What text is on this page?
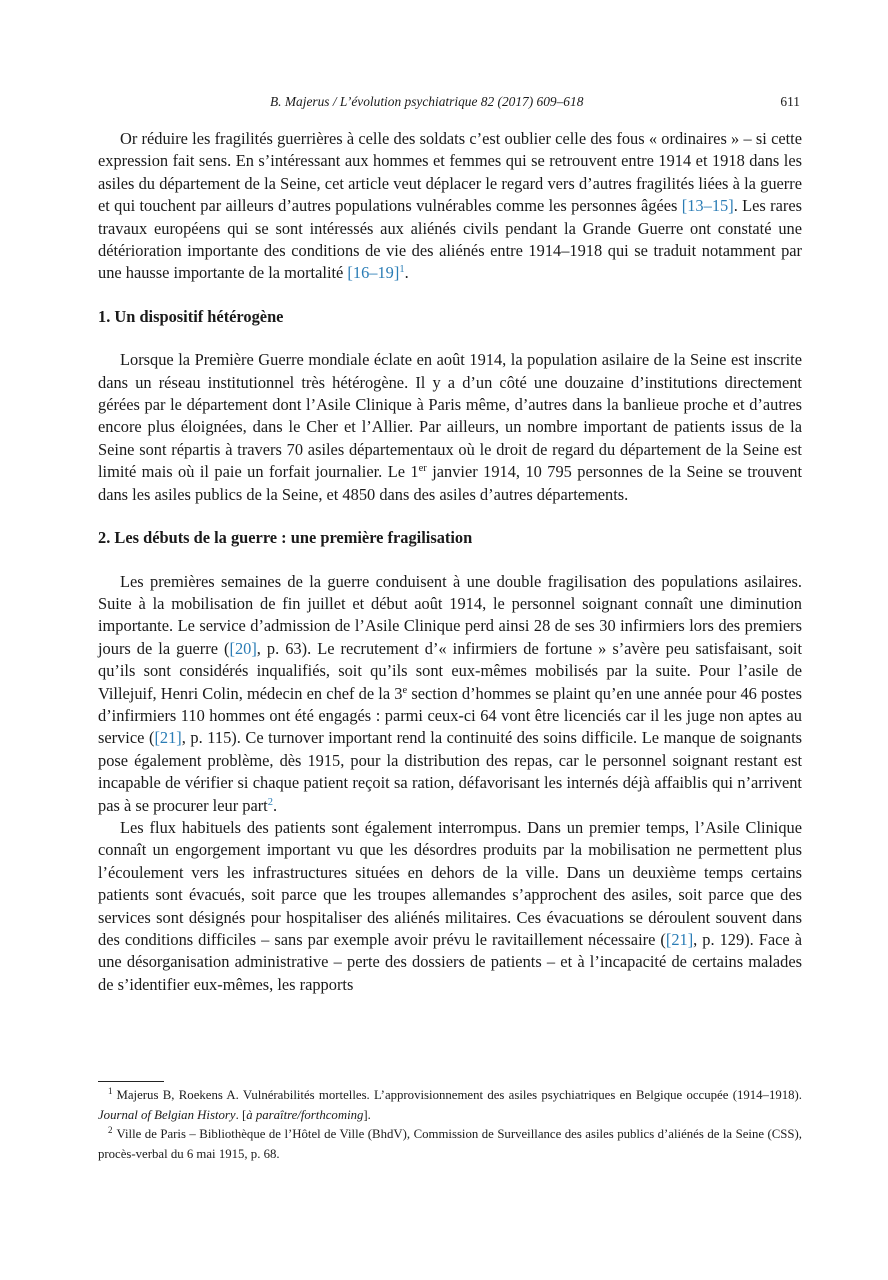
B. Majerus / L’évolution psychiatrique 82 (2017) 609–618	611

Or réduire les fragilités guerrières à celle des soldats c’est oublier celle des fous « ordinaires » – si cette expression fait sens. En s’intéressant aux hommes et femmes qui se retrouvent entre 1914 et 1918 dans les asiles du département de la Seine, cet article veut déplacer le regard vers d’autres fragilités liées à la guerre et qui touchent par ailleurs d’autres populations vulnérables comme les personnes âgées [13–15]. Les rares travaux européens qui se sont intéressés aux aliénés civils pendant la Grande Guerre ont constaté une détérioration importante des conditions de vie des aliénés entre 1914–1918 qui se traduit notamment par une hausse importante de la mortalité $[16-19]^1$.

1. Un dispositif hétérogène

Lorsque la Première Guerre mondiale éclate en août 1914, la population asilaire de la Seine est inscrite dans un réseau institutionnel très hétérogène. Il y a d’un côté une douzaine d’institutions directement gérées par le département dont l’Asile Clinique à Paris même, d’autres dans la banlieue proche et d’autres encore plus éloignées, dans le Cher et l’Allier. Par ailleurs, un nombre important de patients issus de la Seine sont répartis à travers 70 asiles départementaux où le droit de regard du département de la Seine est limité mais où il paie un forfait journalier. Le 1er janvier 1914, 10 795 personnes de la Seine se trouvent dans les asiles publics de la Seine, et 4850 dans des asiles d’autres départements.

2. Les débuts de la guerre : une première fragilisation

Les premières semaines de la guerre conduisent à une double fragilisation des populations asilaires. Suite à la mobilisation de fin juillet et début août 1914, le personnel soignant connaît une diminution importante. Le service d’admission de l’Asile Clinique perd ainsi 28 de ses 30 infirmiers lors des premiers jours de la guerre ([20], p. 63). Le recrutement d’« infirmiers de fortune » s’avère peu satisfaisant, soit qu’ils sont considérés inqualifiés, soit qu’ils sont eux-mêmes mobilisés par la suite. Pour l’asile de Villejuif, Henri Colin, médecin en chef de la 3e section d’hommes se plaint qu’en une année pour 46 postes d’infirmiers 110 hommes ont été engagés : parmi ceux-ci 64 vont être licenciés car il les juge non aptes au service ([21], p. 115). Ce turnover important rend la continuité des soins difficile. Le manque de soignants pose également problème, dès 1915, pour la distribution des repas, car le personnel soignant restant est incapable de vérifier si chaque patient reçoit sa ration, défavorisant les internés déjà affaiblis qui n’arrivent pas à se procurer leur part$^2$.

Les flux habituels des patients sont également interrompus. Dans un premier temps, l’Asile Clinique connaît un engorgement important vu que les désordres produits par la mobilisation ne permettent plus l’écoulement vers les infrastructures situées en dehors de la ville. Dans un deuxième temps certains patients sont évacués, soit parce que les troupes allemandes s’approchent des asiles, soit parce que des services sont désignés pour hospitaliser des aliénés militaires. Ces évacuations se déroulent souvent dans des conditions difficiles – sans par exemple avoir prévu le ravitaillement nécessaire ([21], p. 129). Face à une désorganisation administrative – perte des dossiers de patients – et à l’incapacité de certains malades de s’identifier eux-mêmes, les rapports

$^1$ Majerus B, Roekens A. Vulnérabilités mortelles. L’approvisionnement des asiles psychiatriques en Belgique occupée (1914–1918). Journal of Belgian History. [à paraître/forthcoming].

$^2$ Ville de Paris – Bibliothèque de l’Hôtel de Ville (BhdV), Commission de Surveillance des asiles publics d’aliénés de la Seine (CSS), procès-verbal du 6 mai 1915, p. 68.
